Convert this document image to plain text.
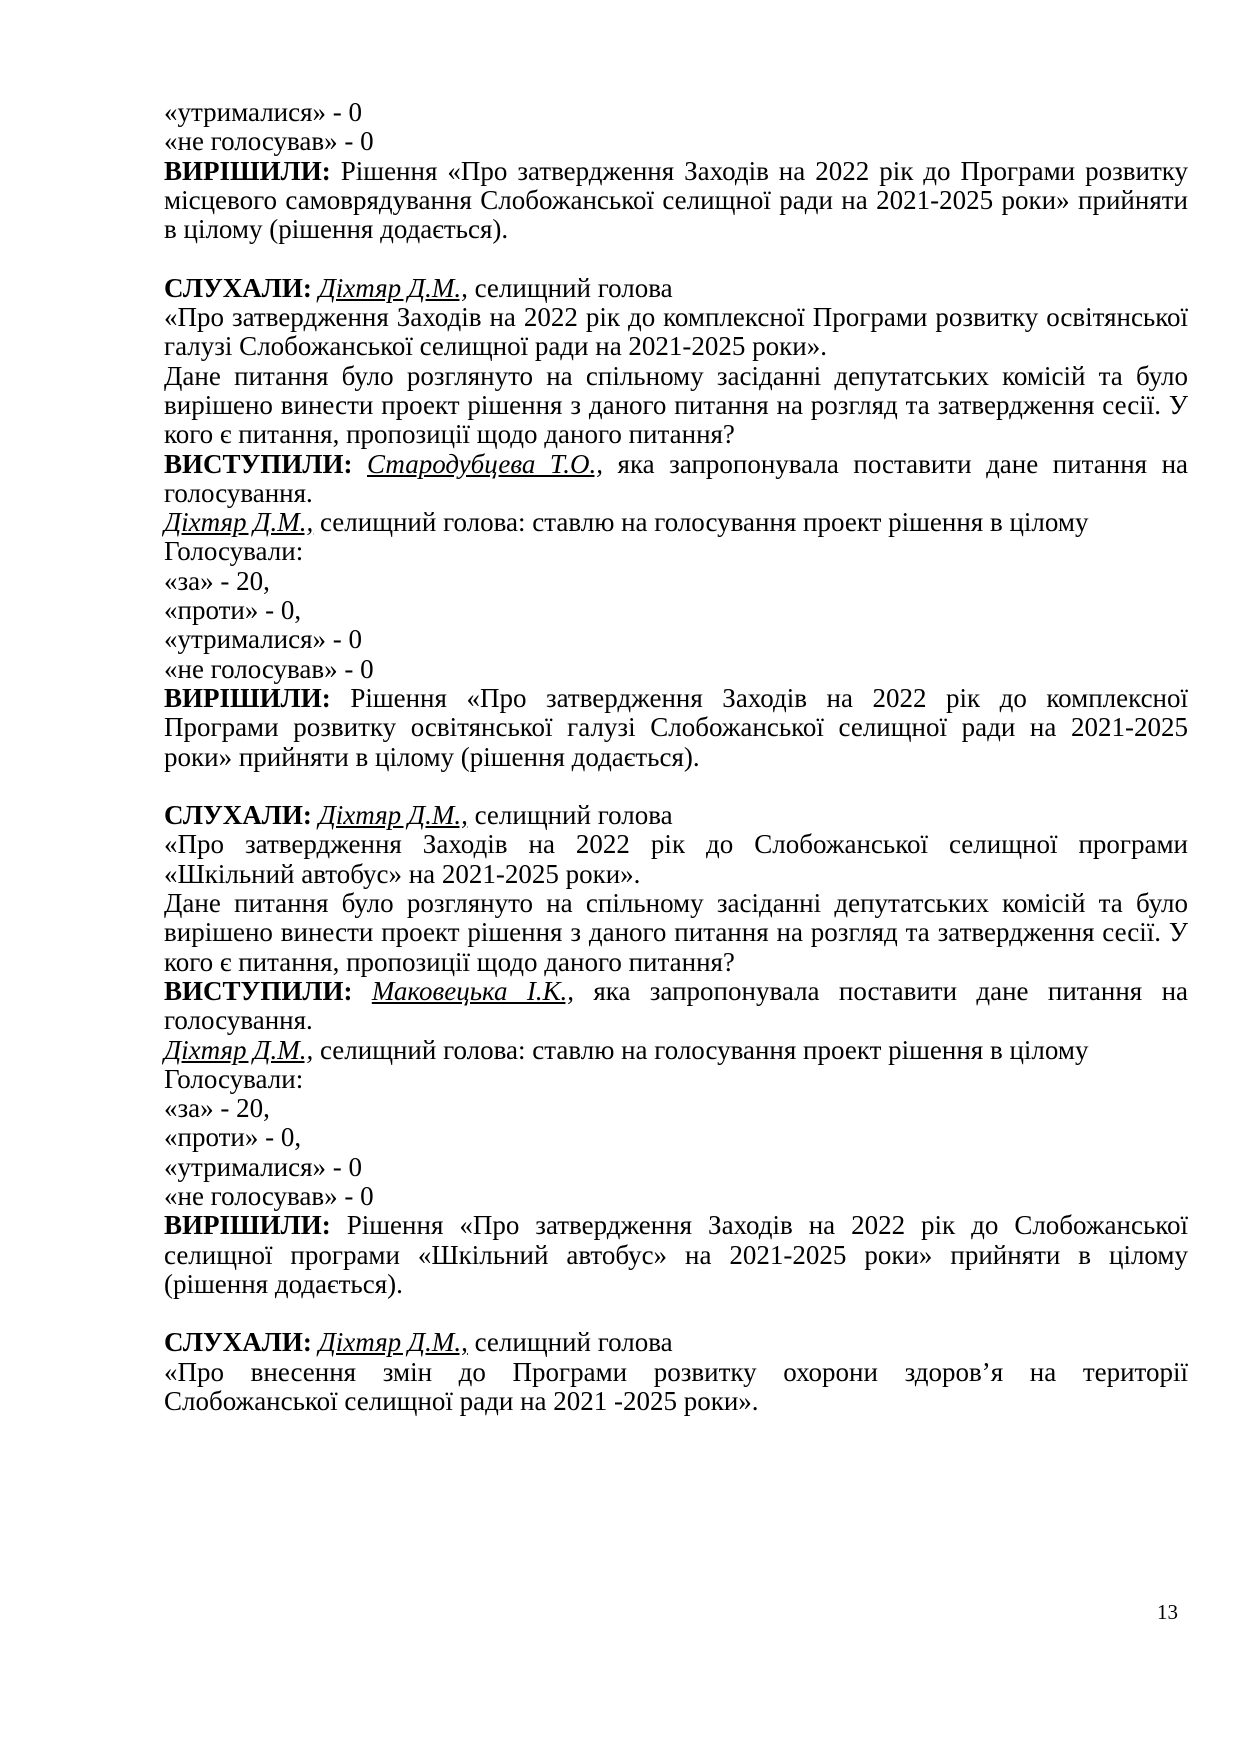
«утрималися» - 0
«не голосував» - 0
ВИРІШИЛИ: Рішення «Про затвердження Заходів на 2022 рік до Програми розвитку місцевого самоврядування Слобожанської селищної ради на 2021-2025 роки» прийняти в цілому (рішення додається).
СЛУХАЛИ: Діхтяр Д.М., селищний голова
«Про затвердження Заходів на 2022 рік до комплексної Програми розвитку освітянської галузі Слобожанської селищної ради на 2021-2025 роки».
Дане питання було розглянуто на спільному засіданні депутатських комісій та було вирішено винести проект рішення з даного питання на розгляд та затвердження сесії. У кого є питання, пропозиції щодо даного питання?
ВИСТУПИЛИ: Стародубцева Т.О., яка запропонувала поставити дане питання на голосування.
Діхтяр Д.М., селищний голова: ставлю на голосування проект рішення в цілому
Голосували:
«за» - 20,
«проти» - 0,
«утрималися» - 0
«не голосував» - 0
ВИРІШИЛИ: Рішення «Про затвердження Заходів на 2022 рік до комплексної Програми розвитку освітянської галузі Слобожанської селищної ради на 2021-2025 роки» прийняти в цілому (рішення додається).
СЛУХАЛИ: Діхтяр Д.М., селищний голова
«Про затвердження Заходів на 2022 рік до Слобожанської селищної програми «Шкільний автобус» на 2021-2025 роки».
Дане питання було розглянуто на спільному засіданні депутатських комісій та було вирішено винести проект рішення з даного питання на розгляд та затвердження сесії. У кого є питання, пропозиції щодо даного питання?
ВИСТУПИЛИ: Маковецька І.К., яка запропонувала поставити дане питання на голосування.
Діхтяр Д.М., селищний голова: ставлю на голосування проект рішення в цілому
Голосували:
«за» - 20,
«проти» - 0,
«утрималися» - 0
«не голосував» - 0
ВИРІШИЛИ: Рішення «Про затвердження Заходів на 2022 рік до Слобожанської селищної програми «Шкільний автобус» на 2021-2025 роки» прийняти в цілому (рішення додається).
СЛУХАЛИ: Діхтяр Д.М., селищний голова
«Про внесення змін до Програми розвитку охорони здоров’я на території Слобожанської селищної ради на 2021 -2025 роки».
13
